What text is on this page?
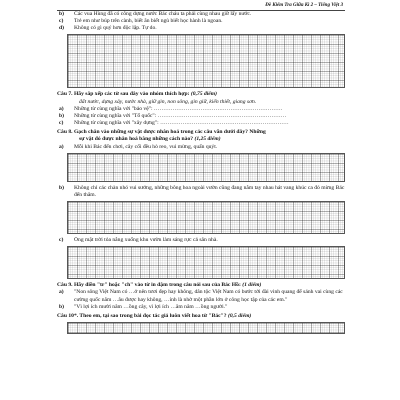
Đề Kiểm Tra Giữa Kì 2 – Tiếng Việt 3

b) Các vua Hùng đã có công dựng nước Bác cháu ta phải cùng nhau giữ lấy nước.

c) Trẻ em như búp trên cành, biết ăn biết ngủ biết học hành là ngoan.

d) Không có gì quý hơn độc lập. Tự do.

Câu 7. Hãy sắp xếp các từ sau đây vào nhóm thích hợp: (0,75 điểm)

đất nước, dựng xây, nước nhà, giữ gìn, non sông, gìn giữ, kiến thiết, giang sơn.

a) Những từ cùng nghĩa với "bảo vệ": ……………………………………………………………

b) Những từ cùng nghĩa với "Tổ quốc": ……………………………………………………………

c) Những từ cùng nghĩa với "xây dựng": ……………………………………………………………

Câu 8. Gạch chân vào những sự vật được nhân hoá trong các câu văn dưới đây? Những

sự vật đó được nhân hoá bằng những cách nào? (1,25 điểm)

a) Mỗi khi Bác đến chơi, cây cối đều hò reo, vui mừng, quấn quýt.

b) Không chỉ các chàn nhó vui sướng, những bông hoa ngoài vườn cũng đang nắm tay nhau hát vang khúc ca đó mừng Bác đến thăm.

c) Ông mặt trời tỏa nắng xuống khu vườn làm sáng rực cả sân nhà.

Câu 9. Hãy điền "tr" hoặc "ch" vào từ in đậm trong câu nói sau của Bác Hồ: (1 điểm)

a) "Non sông Việt Nam có …ở nên tươi đẹp hay không, dân tộc Việt Nam có bước tới đài vinh quang để sánh vai cùng các cường quốc năm …âu được hay không, …ính là nhờ một phần lớn ở công học tập của các em."

b) "Vì lợi ích mười năm …ồng cây, vì lợi ích …ăm năm …ồng người."

Câu 10*. Theo em, tại sao trong bài đọc tác giả luôn viết hoa từ "Bác"? (0,5 điểm)
